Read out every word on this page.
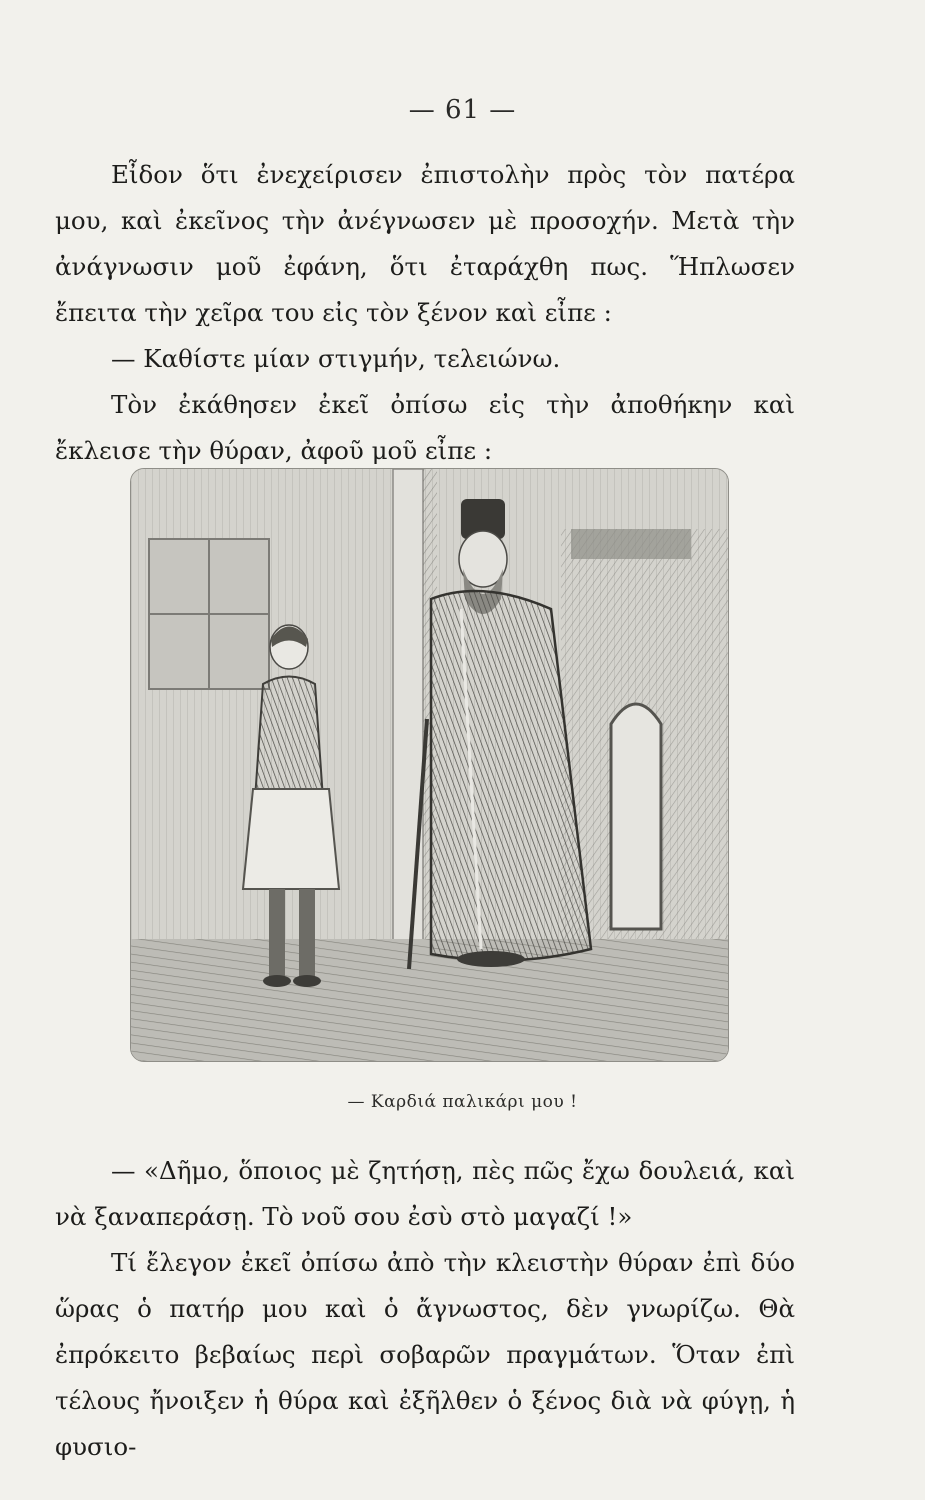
— 61 —

Εἶδον ὅτι ἐνεχείρισεν ἐπιστολὴν πρὸς τὸν πατέρα μου, καὶ ἐκεῖνος τὴν ἀνέγνωσεν μὲ προσοχήν. Μετὰ τὴν ἀνάγνωσιν μοῦ ἐφάνη, ὅτι ἐταράχθη πως. Ἥπλωσεν ἔπειτα τὴν χεῖρα του εἰς τὸν ξένον καὶ εἶπε :

— Καθίστε μίαν στιγμήν, τελειώνω.

Τὸν ἐκάθησεν ἐκεῖ ὀπίσω εἰς τὴν ἀποθήκην καὶ ἔκλεισε τὴν θύραν, ἀφοῦ μοῦ εἶπε :

— Καρδιά παλικάρι μου !

— «Δῆμο, ὅποιος μὲ ζητήσῃ, πὲς πῶς ἔχω δουλειά, καὶ νὰ ξαναπεράσῃ. Τὸ νοῦ σου ἐσὺ στὸ μαγαζί !»

Τί ἔλεγον ἐκεῖ ὀπίσω ἀπὸ τὴν κλειστὴν θύραν ἐπὶ δύο ὥρας ὁ πατήρ μου καὶ ὁ ἄγνωστος, δὲν γνωρίζω. Θὰ ἐπρόκειτο βεβαίως περὶ σοβαρῶν πραγμάτων. Ὅταν ἐπὶ τέλους ἤνοιξεν ἡ θύρα καὶ ἐξῆλθεν ὁ ξένος διὰ νὰ φύγῃ, ἡ φυσιο-
